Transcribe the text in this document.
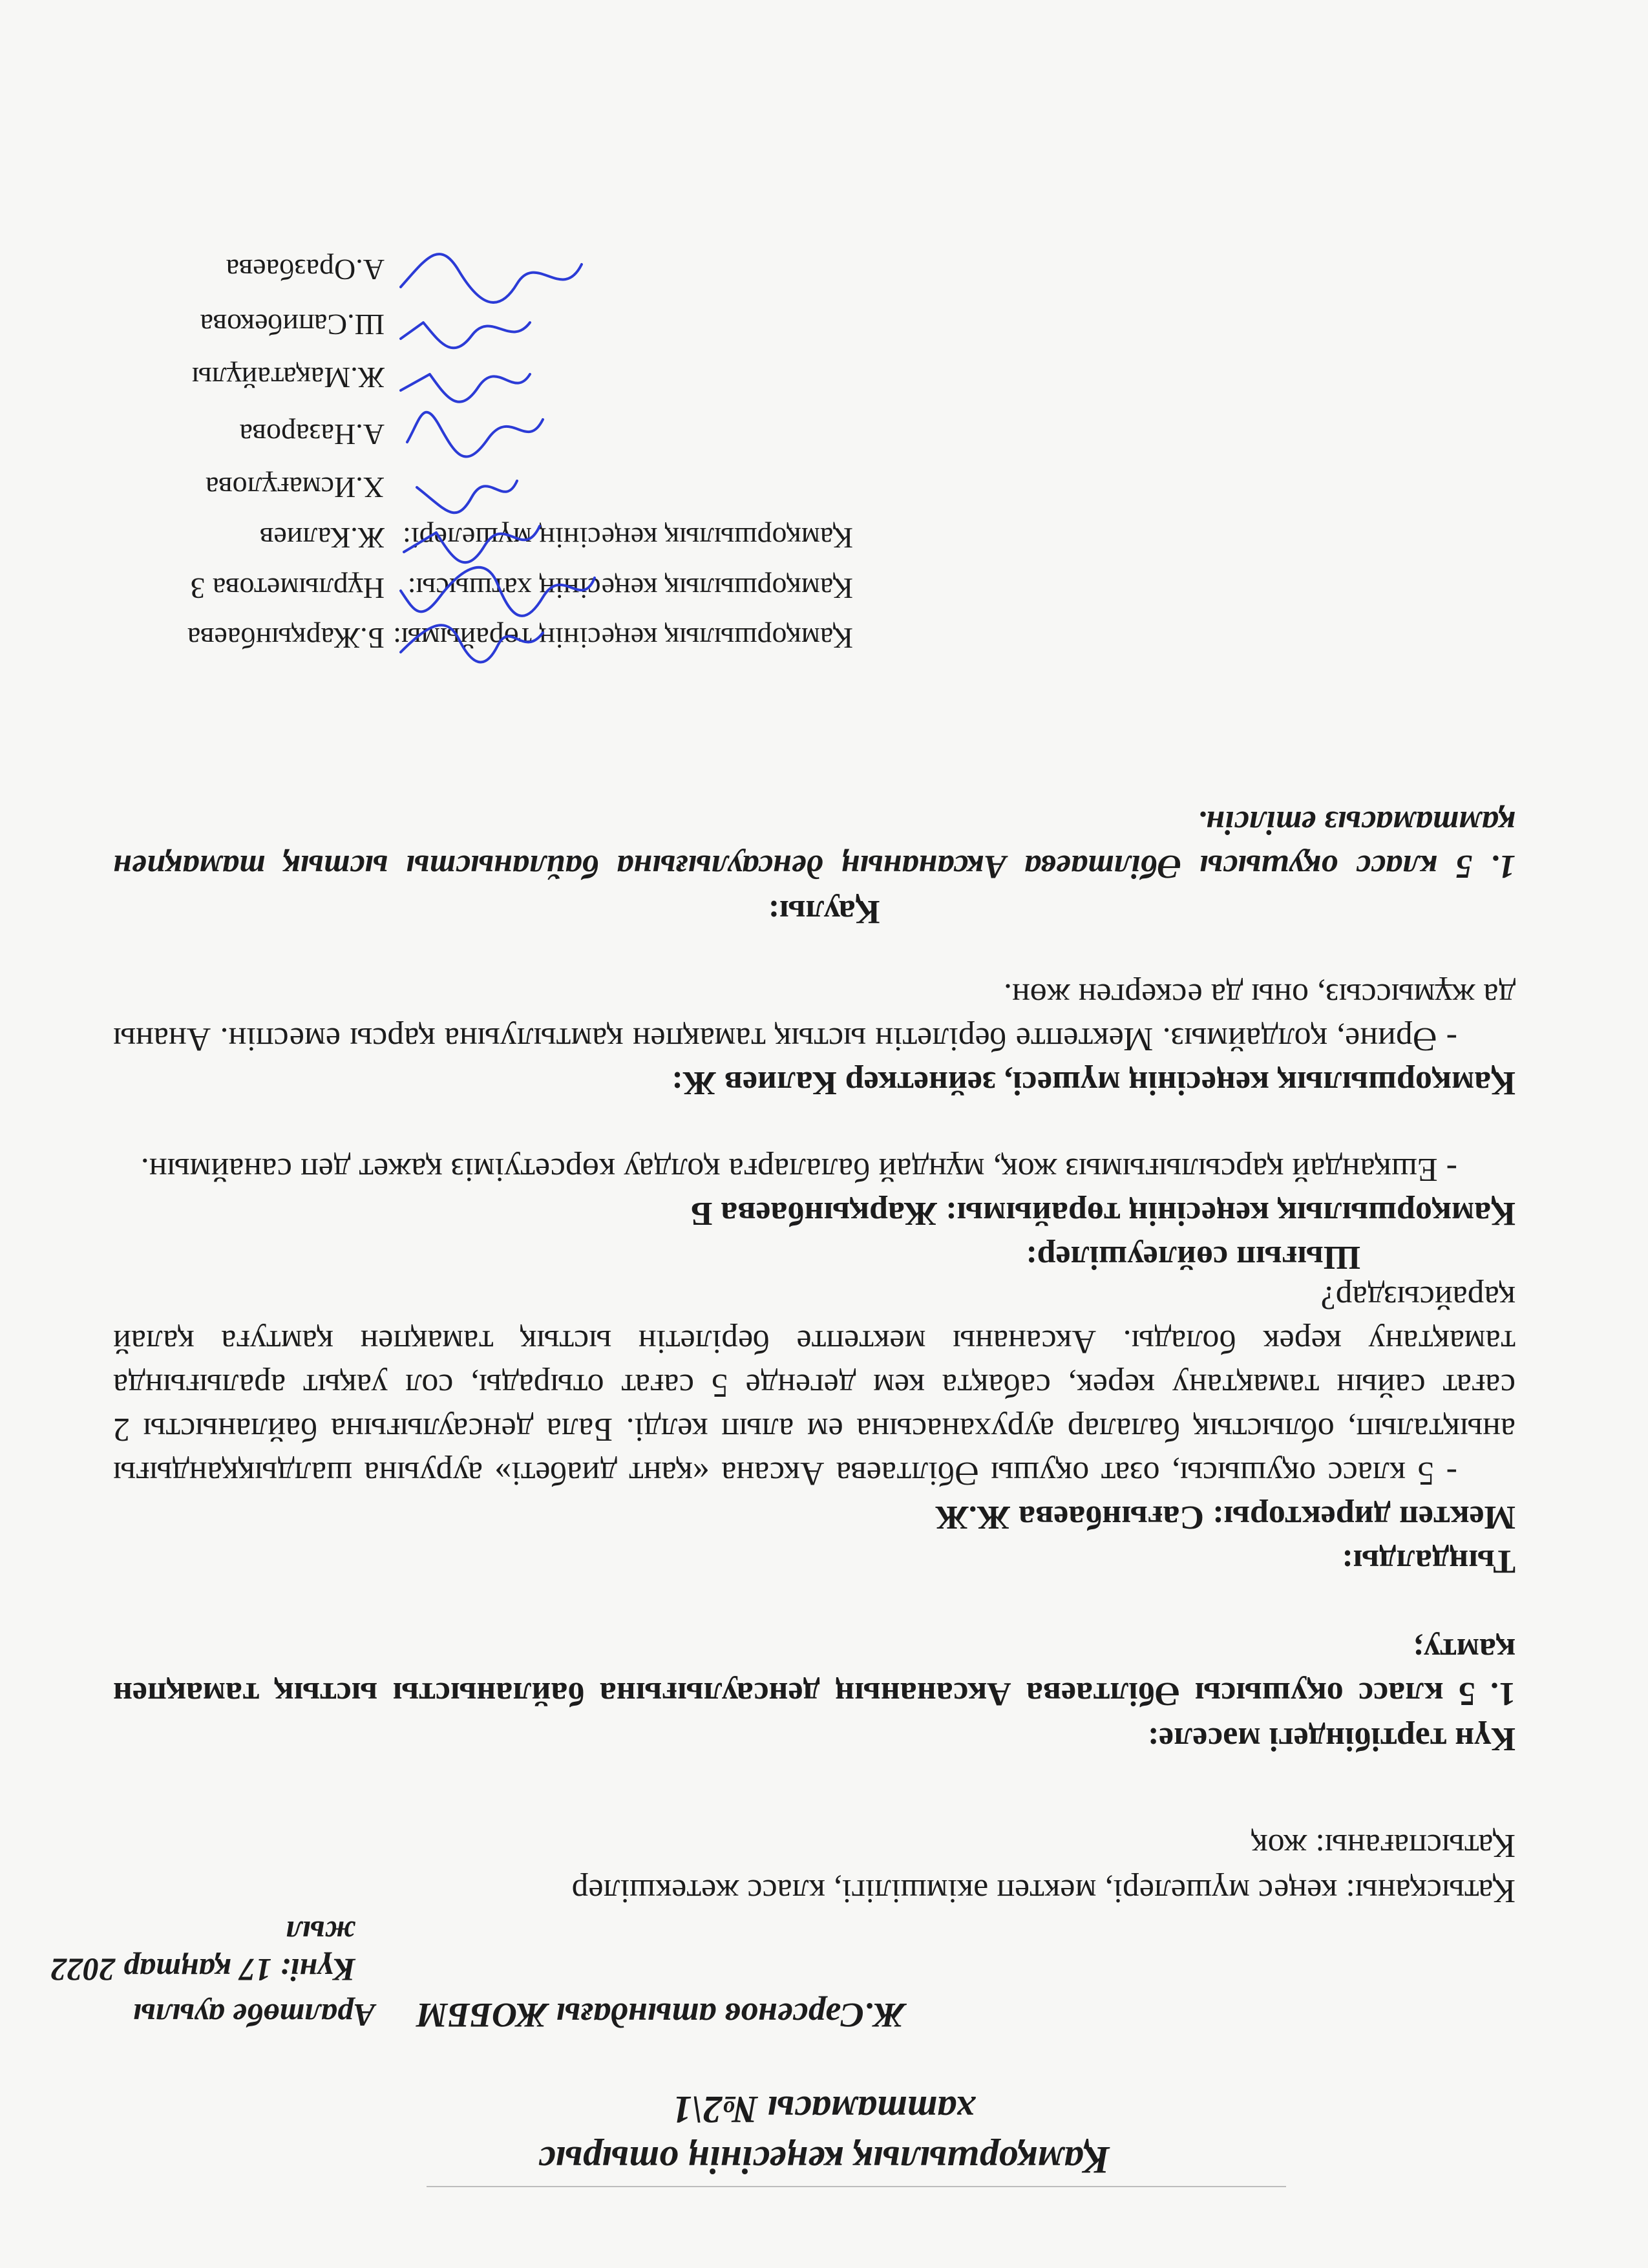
Қамқоршылық кеңесінің отырыс
хаттамасы №2\1
Ж.Сәрсенов атындағы ЖОББМ
Аралтөбе ауылы
Күні: 17 қаңтар 2022 жыл
Қатысқаны: кеңес мүшелері, мектеп әкімшілігі, класс жетекшілер
Қатыспағаны: жоқ
Күн тәртібіндегі мәселе:
1. 5 класс оқушысы Әбілтаева Аксананың денсаулығына байланысты ыстық тамақпен қамту;
Тыңдалды:
Мектеп директоры: Сағынбаева Ж.Ж
- 5 класс оқушысы, озат оқушы Әбілтаева Аксана «қант диабеті» ауруына шалдыққандығы анықталып, облыстық балалар ауруханасына ем алып келді. Бала денсаулығына байланысты 2 сағат сайын тамақтану керек, сабақта кем дегенде 5 сағат отырады, сол уақыт аралығында тамақтану керек болады. Аксананы мектепте берілетін ыстық тамақпен қамтуға қалай қарайсыздар?
Шығып сөйлеушілер:
Қамқоршылық кеңесінің төрайымы: Жарқынбаева Б
- Ешқандай қарсылығымыз жоқ, мұндай балаларға қолдау көрсетуіміз қажет деп санаймын.
Қамқоршылық кеңесінің мүшесі, зейнеткер Калиев Ж:
- Әрине, қолдаймыз. Мектепте берілетін ыстық тамақпен қамтылуына қарсы емеспін. Ананы да жұмыссыз, оны да ескерген жөн.
Қаулы:
1. 5 класс оқушысы Әбілтаева Аксананың денсаулығына байланысты ыстық тамақпен қамтамасыз етілсін.
Қамқоршылық кеңесінің төрайымы:
Б.Жарқынбаева
Қамқоршылық кеңесінің хатшысы:
Нұрлыметова З
Қамқоршылық кеңесінің мүшелері:
Ж.Калиев
Х.Исмағұлова
А.Назарова
Ж.Мақатайұлы
Ш.Сапибекова
А.Оразбаева
